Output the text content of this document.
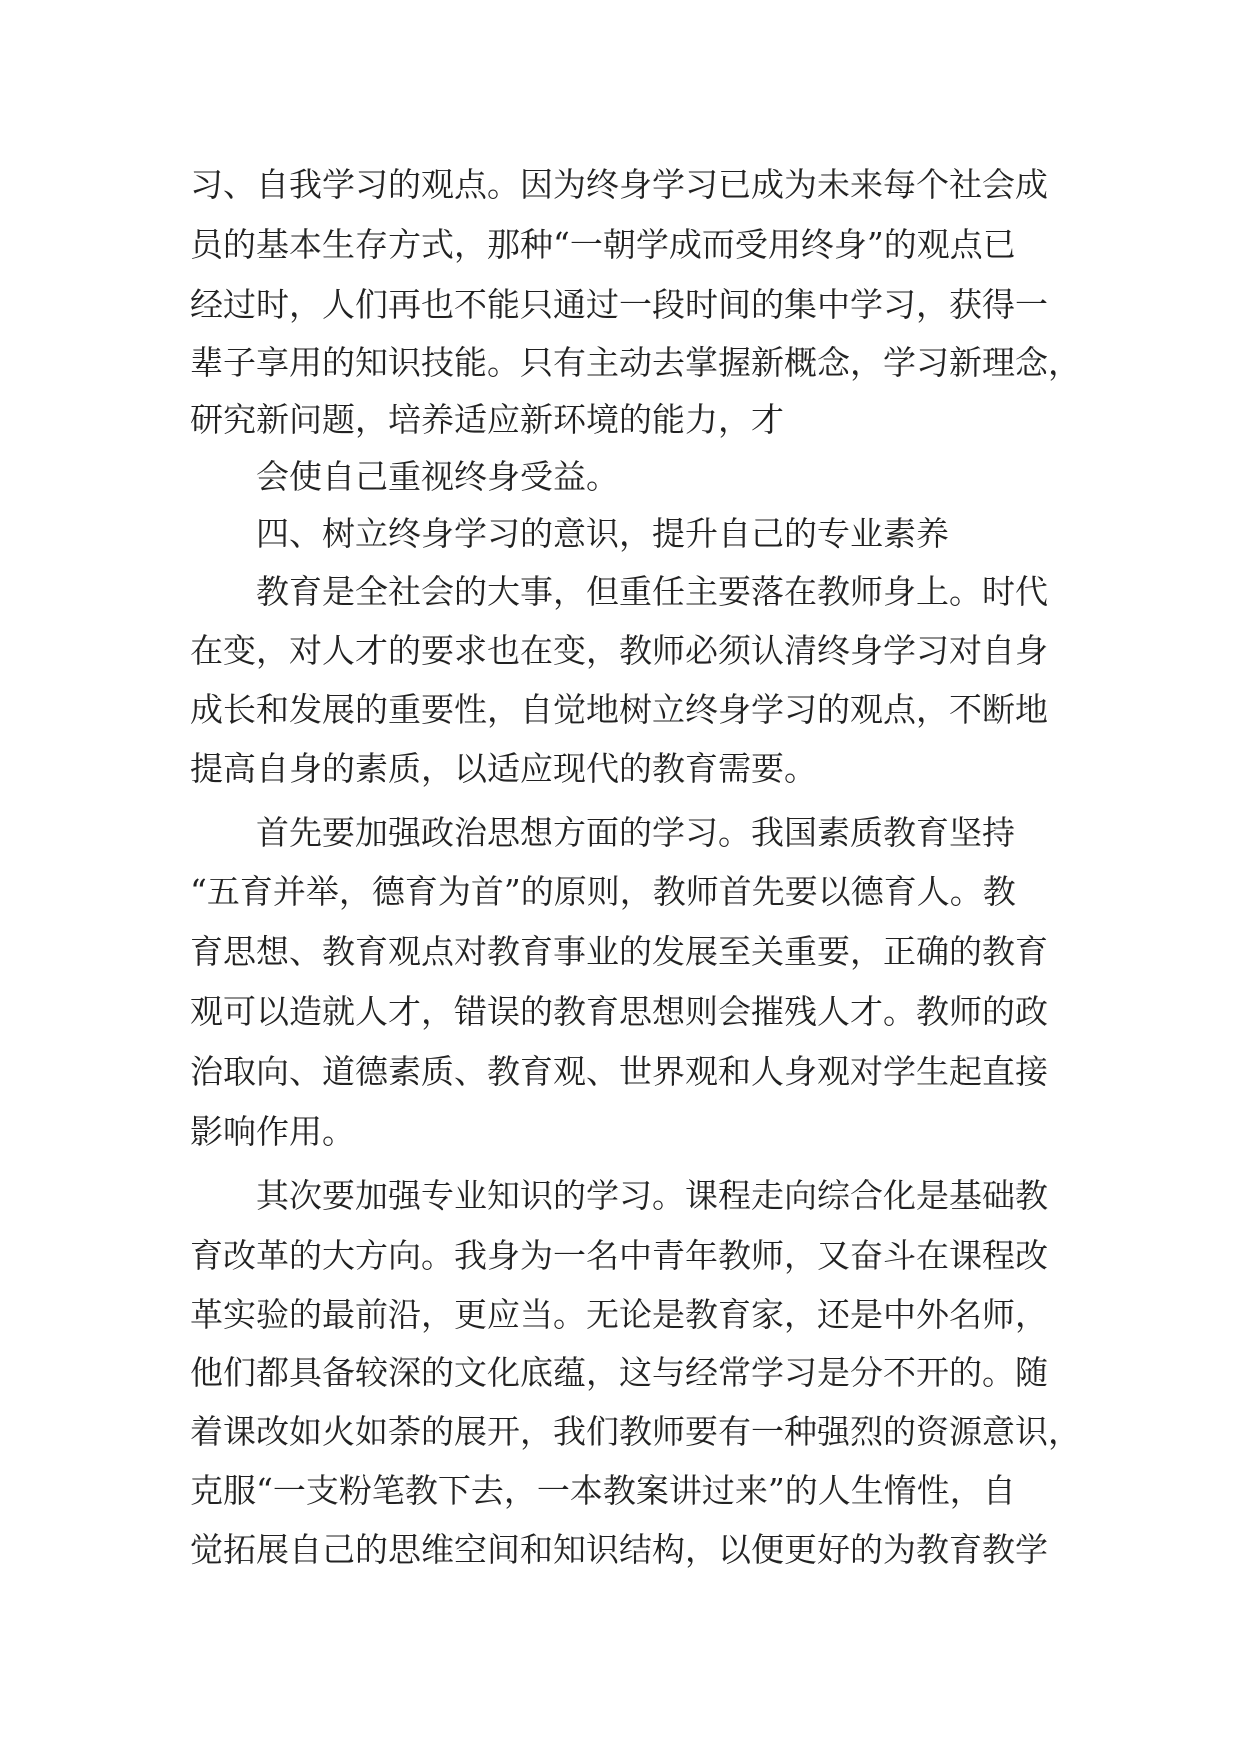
习、自我学习的观点。因为终身学习已成为未来每个社会成
员的基本生存方式，那种“一朝学成而受用终身”的观点已
经过时，人们再也不能只通过一段时间的集中学习，获得一
辈子享用的知识技能。只有主动去掌握新概念，学习新理念，
研究新问题，培养适应新环境的能力，才
会使自己重视终身受益。
四、树立终身学习的意识，提升自己的专业素养
教育是全社会的大事，但重任主要落在教师身上。时代
在变，对人才的要求也在变，教师必须认清终身学习对自身
成长和发展的重要性，自觉地树立终身学习的观点，不断地
提高自身的素质，以适应现代的教育需要。
首先要加强政治思想方面的学习。我国素质教育坚持
“五育并举，德育为首”的原则，教师首先要以德育人。教
育思想、教育观点对教育事业的发展至关重要，正确的教育
观可以造就人才，错误的教育思想则会摧残人才。教师的政
治取向、道德素质、教育观、世界观和人身观对学生起直接
影响作用。
其次要加强专业知识的学习。课程走向综合化是基础教
育改革的大方向。我身为一名中青年教师，又奋斗在课程改
革实验的最前沿，更应当。无论是教育家，还是中外名师，
他们都具备较深的文化底蕴，这与经常学习是分不开的。随
着课改如火如荼的展开，我们教师要有一种强烈的资源意识，
克服“一支粉笔教下去，一本教案讲过来”的人生惰性，自
觉拓展自己的思维空间和知识结构，以便更好的为教育教学
